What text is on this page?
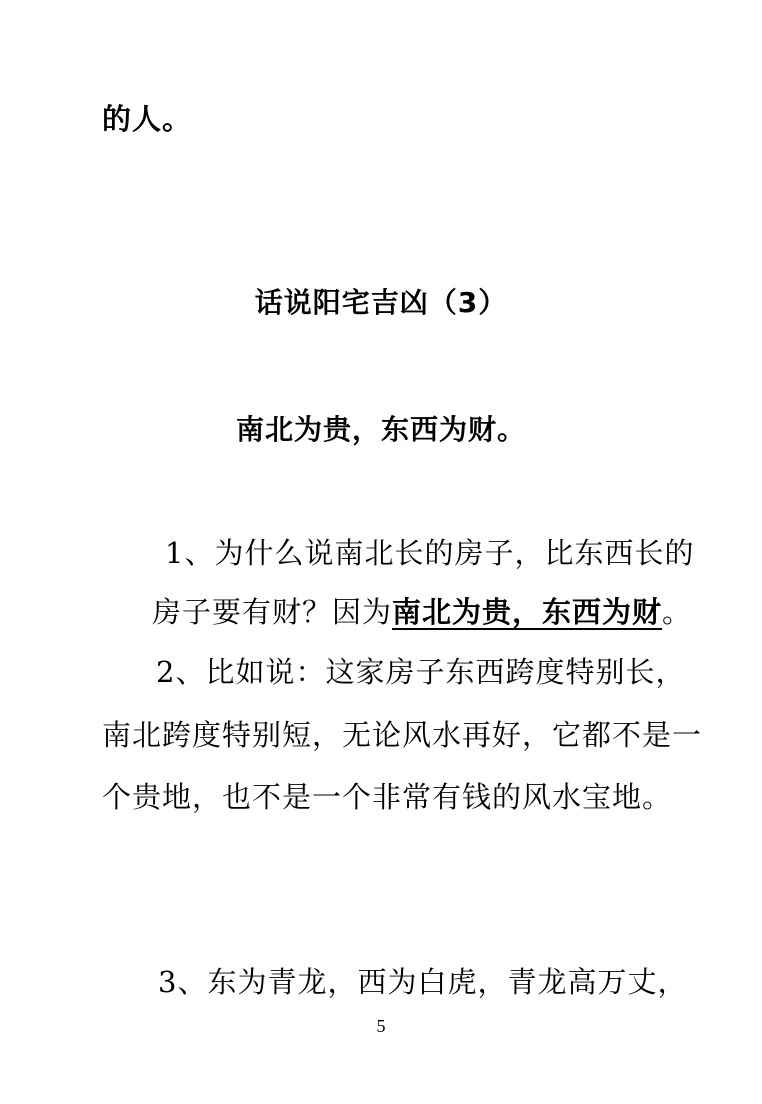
的人。
话说阳宅吉凶（3）
南北为贵，东西为财。
1、为什么说南北长的房子，比东西长的
房子要有财？因为南北为贵，东西为财。
2、比如说：这家房子东西跨度特别长，
南北跨度特别短，无论风水再好，它都不是一
个贵地，也不是一个非常有钱的风水宝地。
3、东为青龙，西为白虎，青龙高万丈，
5
